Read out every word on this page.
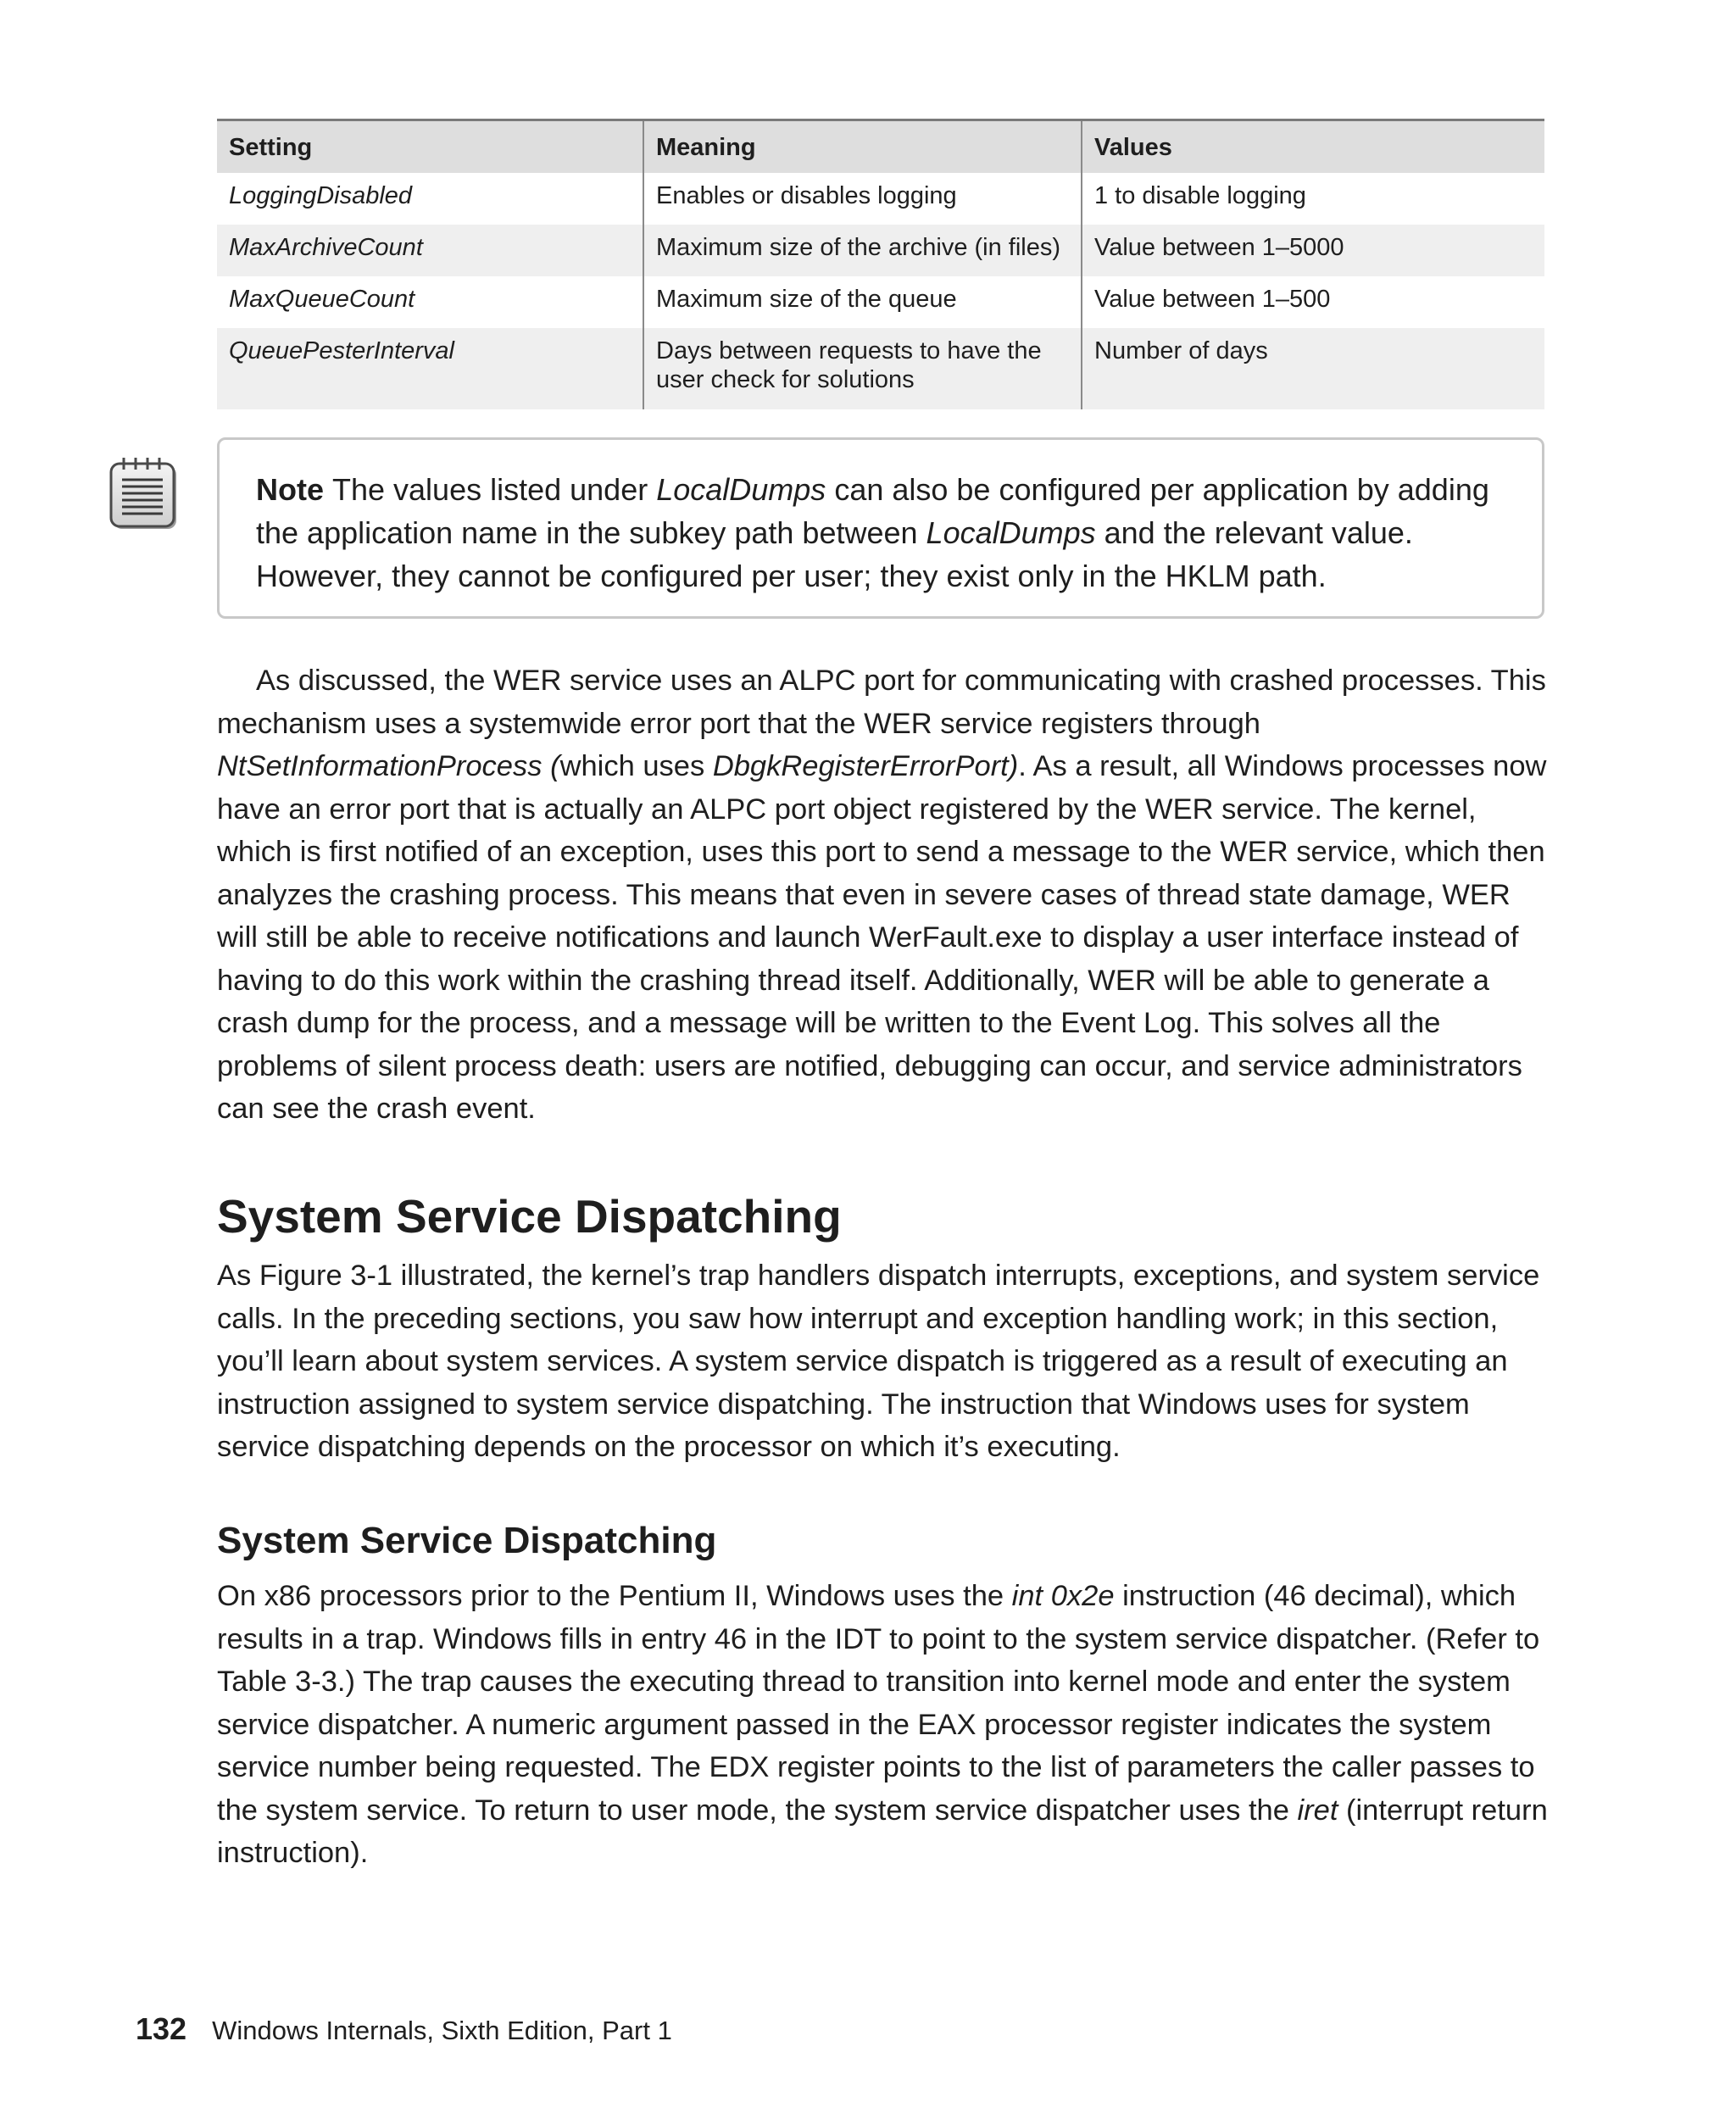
Setting	Meaning	Values
LoggingDisabled	Enables or disables logging	1 to disable logging
MaxArchiveCount	Maximum size of the archive (in files)	Value between 1–5000
MaxQueueCount	Maximum size of the queue	Value between 1–500
QueuePesterInterval	Days between requests to have the user check for solutions	Number of days
Note The values listed under LocalDumps can also be configured per application by adding the application name in the subkey path between LocalDumps and the relevant value. However, they cannot be configured per user; they exist only in the HKLM path.
As discussed, the WER service uses an ALPC port for communicating with crashed processes. This mechanism uses a systemwide error port that the WER service registers through NtSetInformationProcess (which uses DbgkRegisterErrorPort). As a result, all Windows processes now have an error port that is actually an ALPC port object registered by the WER service. The kernel, which is first notified of an exception, uses this port to send a message to the WER service, which then analyzes the crashing process. This means that even in severe cases of thread state damage, WER will still be able to receive notifications and launch WerFault.exe to display a user interface instead of having to do this work within the crashing thread itself. Additionally, WER will be able to generate a crash dump for the process, and a message will be written to the Event Log. This solves all the problems of silent process death: users are notified, debugging can occur, and service administrators can see the crash event.
System Service Dispatching
As Figure 3-1 illustrated, the kernel’s trap handlers dispatch interrupts, exceptions, and system service calls. In the preceding sections, you saw how interrupt and exception handling work; in this section, you’ll learn about system services. A system service dispatch is triggered as a result of executing an instruction assigned to system service dispatching. The instruction that Windows uses for system service dispatching depends on the processor on which it’s executing.
System Service Dispatching
On x86 processors prior to the Pentium II, Windows uses the int 0x2e instruction (46 decimal), which results in a trap. Windows fills in entry 46 in the IDT to point to the system service dispatcher. (Refer to Table 3-3.) The trap causes the executing thread to transition into kernel mode and enter the system service dispatcher. A numeric argument passed in the EAX processor register indicates the system service number being requested. The EDX register points to the list of parameters the caller passes to the system service. To return to user mode, the system service dispatcher uses the iret (interrupt return instruction).
132 Windows Internals, Sixth Edition, Part 1
